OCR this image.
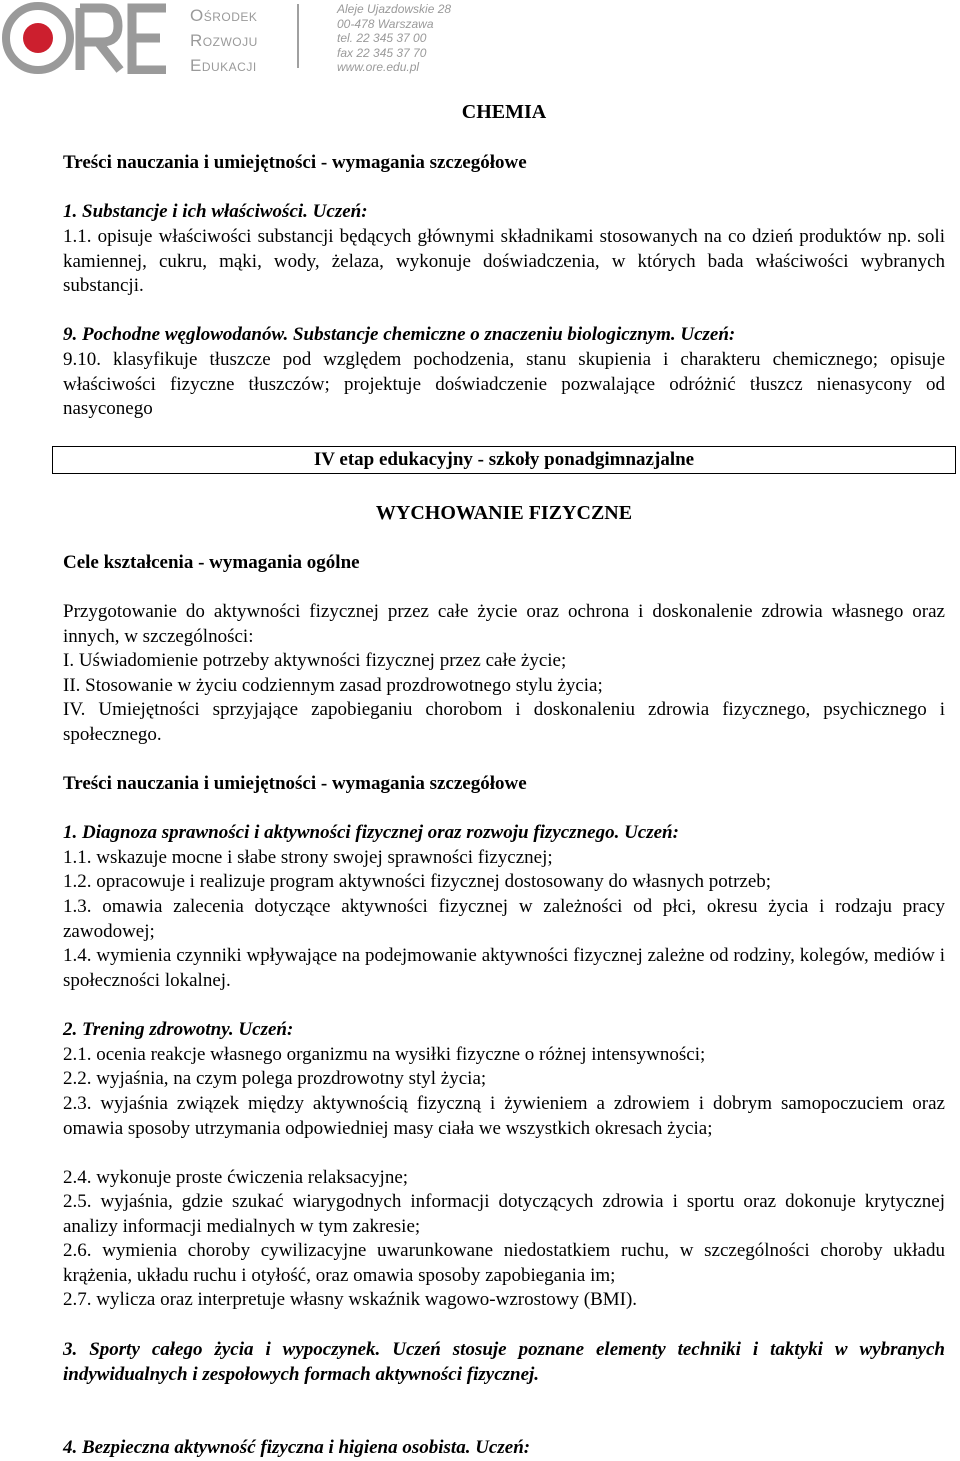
Ośrodek
Rozwoju
Edukacji
Aleje Ujazdowskie 28
00-478 Warszawa
tel. 22 345 37 00
fax 22 345 37 70
www.ore.edu.pl
CHEMIA
Treści nauczania i umiejętności - wymagania szczegółowe
1. Substancje i ich właściwości. Uczeń:

1.1. opisuje właściwości substancji będących głównymi składnikami stosowanych na co dzień produktów np. soli kamiennej, cukru, mąki, wody, żelaza, wykonuje doświadczenia, w których bada właściwości wybranych substancji.

9. Pochodne węglowodanów. Substancje chemiczne o znaczeniu biologicznym. Uczeń:

9.10. klasyfikuje tłuszcze pod względem pochodzenia, stanu skupienia i charakteru chemicznego; opisuje właściwości fizyczne tłuszczów; projektuje doświadczenie pozwalające odróżnić tłuszcz nienasycony od nasyconego

IV etap edukacyjny - szkoły ponadgimnazjalne
WYCHOWANIE FIZYCZNE
Cele kształcenia - wymagania ogólne

Przygotowanie do aktywności fizycznej przez całe życie oraz ochrona i doskonalenie zdrowia własnego oraz innych, w szczególności:

I. Uświadomienie potrzeby aktywności fizycznej przez całe życie;

II. Stosowanie w życiu codziennym zasad prozdrowotnego stylu życia;

IV. Umiejętności sprzyjające zapobieganiu chorobom i doskonaleniu zdrowia fizycznego, psychicznego i społecznego.

Treści nauczania i umiejętności - wymagania szczegółowe
1. Diagnoza sprawności i aktywności fizycznej oraz rozwoju fizycznego. Uczeń:

1.1. wskazuje mocne i słabe strony swojej sprawności fizycznej;

1.2. opracowuje i realizuje program aktywności fizycznej dostosowany do własnych potrzeb;

1.3. omawia zalecenia dotyczące aktywności fizycznej w zależności od płci, okresu życia i rodzaju pracy zawodowej;

1.4. wymienia czynniki wpływające na podejmowanie aktywności fizycznej zależne od rodziny, kolegów, mediów i społeczności lokalnej.

2. Trening zdrowotny. Uczeń:

2.1. ocenia reakcje własnego organizmu na wysiłki fizyczne o różnej intensywności;

2.2. wyjaśnia, na czym polega prozdrowotny styl życia;

2.3. wyjaśnia związek między aktywnością fizyczną i żywieniem a zdrowiem i dobrym samopoczuciem oraz omawia sposoby utrzymania odpowiedniej masy ciała we wszystkich okresach życia;

2.4. wykonuje proste ćwiczenia relaksacyjne;

2.5. wyjaśnia, gdzie szukać wiarygodnych informacji dotyczących zdrowia i sportu oraz dokonuje krytycznej analizy informacji medialnych w tym zakresie;

2.6. wymienia choroby cywilizacyjne uwarunkowane niedostatkiem ruchu, w szczególności choroby układu krążenia, układu ruchu i otyłość, oraz omawia sposoby zapobiegania im;

2.7. wylicza oraz interpretuje własny wskaźnik wagowo-wzrostowy (BMI).

3. Sporty całego życia i wypoczynek. Uczeń stosuje poznane elementy techniki i taktyki w wybranych indywidualnych i zespołowych formach aktywności fizycznej.

4. Bezpieczna aktywność fizyczna i higiena osobista. Uczeń:
